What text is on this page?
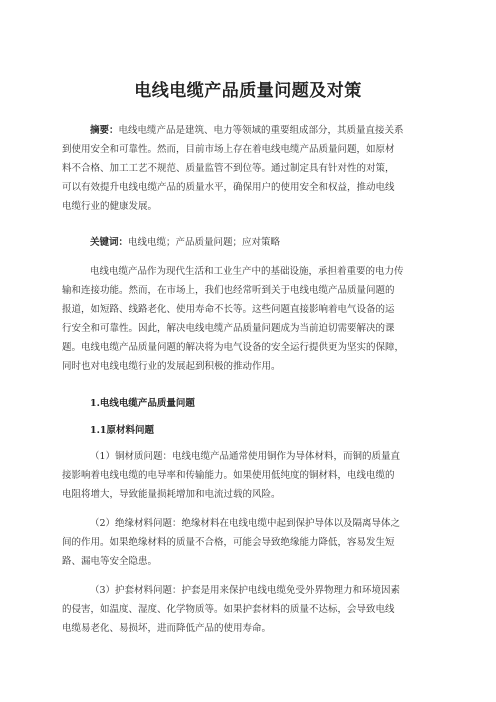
电线电缆产品质量问题及对策
摘要：电线电缆产品是建筑、电力等领域的重要组成部分，其质量直接关系
到使用安全和可靠性。然而，目前市场上存在着电线电缆产品质量问题，如原材
料不合格、加工工艺不规范、质量监管不到位等。通过制定具有针对性的对策，
可以有效提升电线电缆产品的质量水平，确保用户的使用安全和权益，推动电线
电缆行业的健康发展。
关键词：电线电缆；产品质量问题；应对策略
电线电缆产品作为现代生活和工业生产中的基础设施，承担着重要的电力传
输和连接功能。然而，在市场上，我们也经常听到关于电线电缆产品质量问题的
报道，如短路、线路老化、使用寿命不长等。这些问题直接影响着电气设备的运
行安全和可靠性。因此，解决电线电缆产品质量问题成为当前迫切需要解决的课
题。电线电缆产品质量问题的解决将为电气设备的安全运行提供更为坚实的保障，
同时也对电线电缆行业的发展起到积极的推动作用。
1.电线电缆产品质量问题
1.1原材料问题
（1）铜材质问题：电线电缆产品通常使用铜作为导体材料，而铜的质量直
接影响着电线电缆的电导率和传输能力。如果使用低纯度的铜材料，电线电缆的
电阻将增大，导致能量损耗增加和电流过载的风险。
（2）绝缘材料问题：绝缘材料在电线电缆中起到保护导体以及隔离导体之
间的作用。如果绝缘材料的质量不合格，可能会导致绝缘能力降低，容易发生短
路、漏电等安全隐患。
（3）护套材料问题：护套是用来保护电线电缆免受外界物理力和环境因素
的侵害，如温度、湿度、化学物质等。如果护套材料的质量不达标，会导致电线
电缆易老化、易损坏，进而降低产品的使用寿命。
